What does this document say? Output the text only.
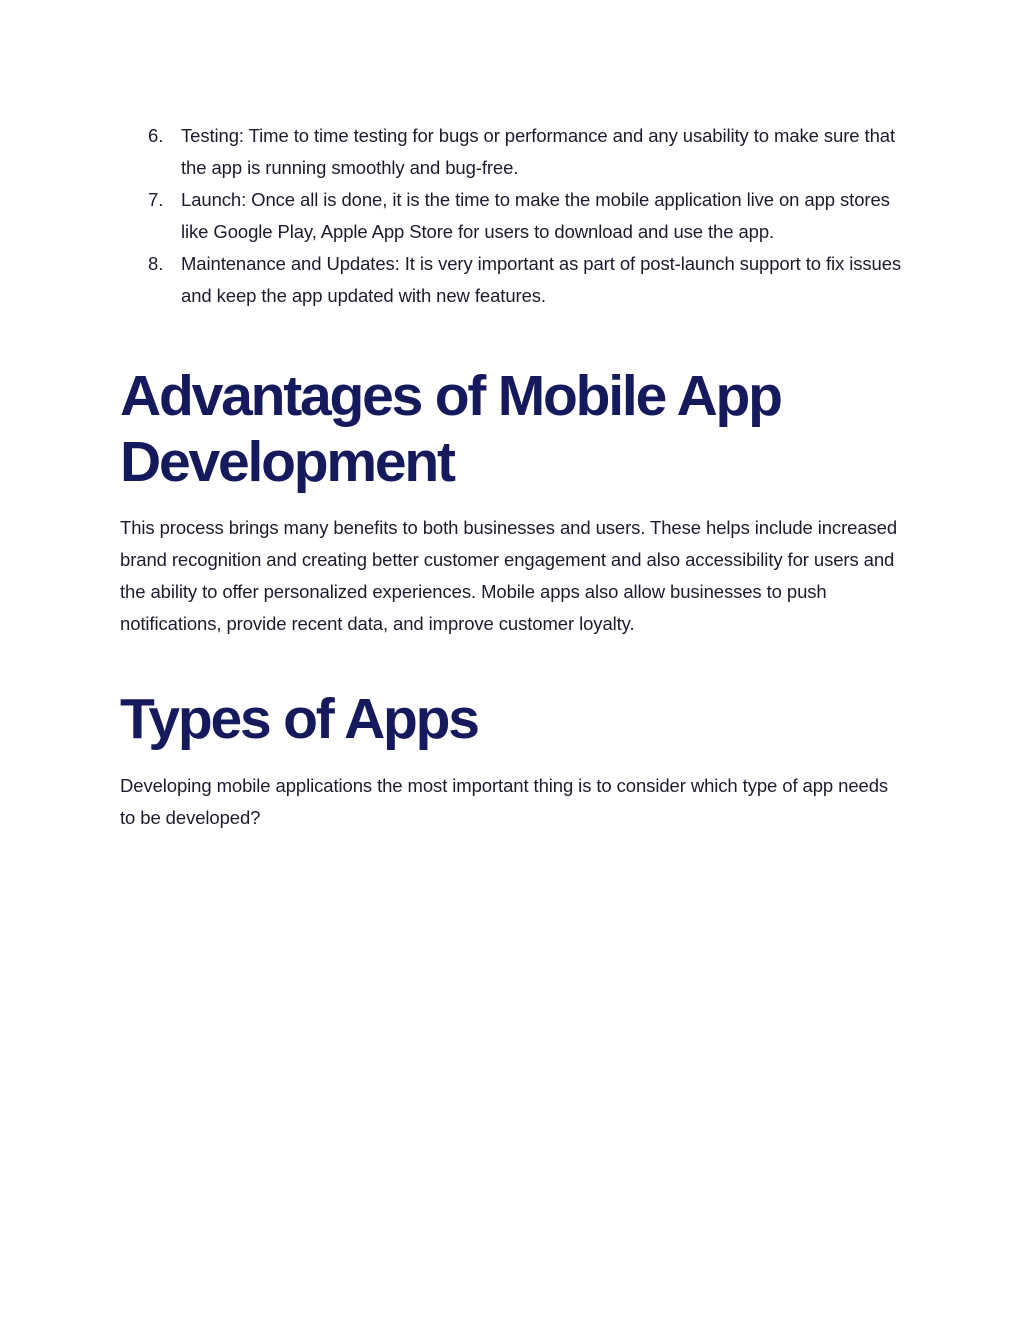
6. Testing: Time to time testing for bugs or performance and any usability to make sure that the app is running smoothly and bug-free.
7. Launch: Once all is done, it is the time to make the mobile application live on app stores like Google Play, Apple App Store for users to download and use the app.
8. Maintenance and Updates: It is very important as part of post-launch support to fix issues and keep the app updated with new features.
Advantages of Mobile App Development

This process brings many benefits to both businesses and users. These helps include increased brand recognition and creating better customer engagement and also accessibility for users and the ability to offer personalized experiences. Mobile apps also allow businesses to push notifications, provide recent data, and improve customer loyalty.

Types of Apps

Developing mobile applications the most important thing is to consider which type of app needs to be developed?
